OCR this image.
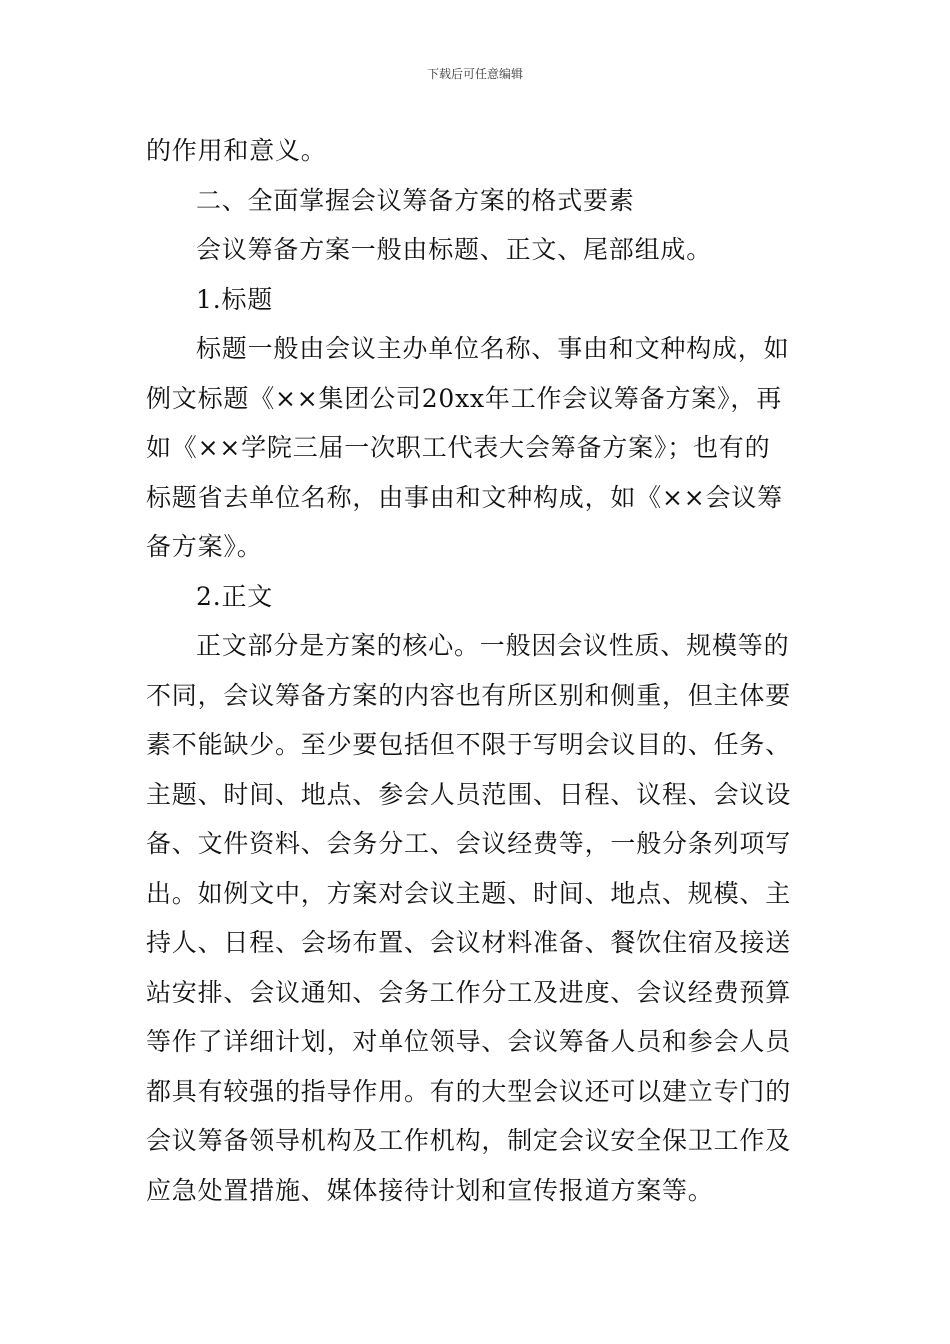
下载后可任意编辑
的作用和意义。
二、全面掌握会议筹备方案的格式要素
会议筹备方案一般由标题、正文、尾部组成。
1.标题
标题一般由会议主办单位名称、事由和文种构成，如
例文标题《××集团公司20xx年工作会议筹备方案》，再
如《××学院三届一次职工代表大会筹备方案》；也有的
标题省去单位名称，由事由和文种构成，如《××会议筹
备方案》。
2.正文
正文部分是方案的核心。一般因会议性质、规模等的
不同，会议筹备方案的内容也有所区别和侧重，但主体要
素不能缺少。至少要包括但不限于写明会议目的、任务、
主题、时间、地点、参会人员范围、日程、议程、会议设
备、文件资料、会务分工、会议经费等，一般分条列项写
出。如例文中，方案对会议主题、时间、地点、规模、主
持人、日程、会场布置、会议材料准备、餐饮住宿及接送
站安排、会议通知、会务工作分工及进度、会议经费预算
等作了详细计划，对单位领导、会议筹备人员和参会人员
都具有较强的指导作用。有的大型会议还可以建立专门的
会议筹备领导机构及工作机构，制定会议安全保卫工作及
应急处置措施、媒体接待计划和宣传报道方案等。
